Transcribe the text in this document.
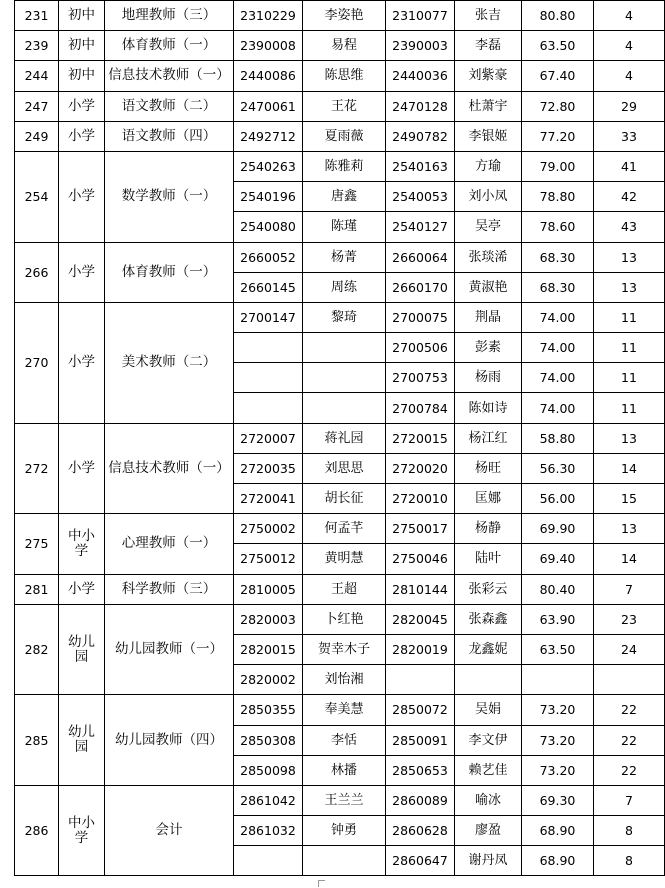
231	初中	地理教师（三）	2310229	李姿艳	2310077	张吉	80.80	4
239	初中	体育教师（一）	2390008	易程	2390003	李磊	63.50	4
244	初中	信息技术教师（一）	2440086	陈思维	2440036	刘紫豪	67.40	4
247	小学	语文教师（二）	2470061	王花	2470128	杜萧宇	72.80	29
249	小学	语文教师（四）	2492712	夏雨薇	2490782	李银姬	77.20	33
254	小学	数学教师（一）	2540263	陈雅莉	2540163	方瑜	79.00	41
			2540196	唐鑫	2540053	刘小凤	78.80	42
			2540080	陈瑾	2540127	吴亭	78.60	43
266	小学	体育教师（一）	2660052	杨菁	2660064	张琰浠	68.30	13
			2660145	周练	2660170	黄淑艳	68.30	13
270	小学	美术教师（二）	2700147	黎琦	2700075	荆晶	74.00	11
					2700506	彭素	74.00	11
					2700753	杨雨	74.00	11
					2700784	陈如诗	74.00	11
272	小学	信息技术教师（一）	2720007	蒋礼园	2720015	杨江红	58.80	13
			2720035	刘思思	2720020	杨旺	56.30	14
			2720041	胡长征	2720010	匡娜	56.00	15
275	中小学	心理教师（一）	2750002	何孟芊	2750017	杨静	69.90	13
			2750012	黄明慧	2750046	陆叶	69.40	14
281	小学	科学教师（三）	2810005	王超	2810144	张彩云	80.40	7
282	幼儿园	幼儿园教师（一）	2820003	卜红艳	2820045	张森鑫	63.90	23
			2820015	贺幸木子	2820019	龙鑫妮	63.50	24
			2820002	刘怡湘				
285	幼儿园	幼儿园教师（四）	2850355	奉美慧	2850072	吴娟	73.20	22
			2850308	李恬	2850091	李文伊	73.20	22
			2850098	林播	2850653	赖艺佳	73.20	22
286	中小学	会计	2861042	王兰兰	2860089	喻冰	69.30	7
			2861032	钟勇	2860628	廖盈	68.90	8
					2860647	谢丹凤	68.90	8
